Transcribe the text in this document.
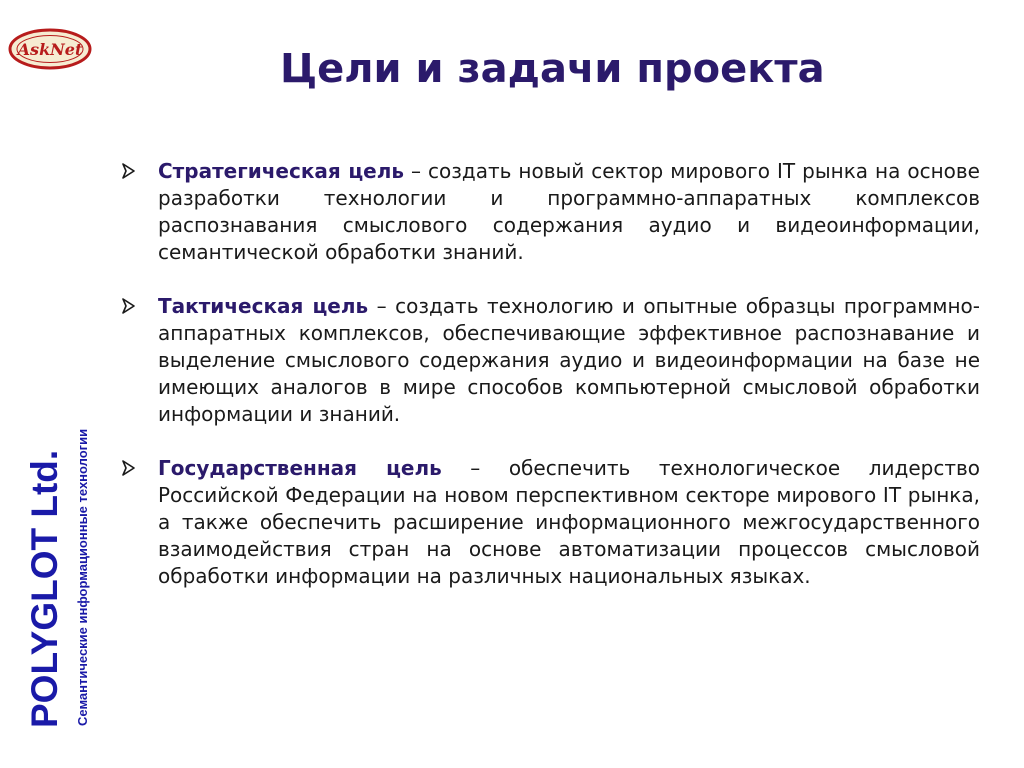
AskNet	Цели и задачи проекта
POLYGLOT Ltd. Семантические информационные технологии

Стратегическая цель – создать новый сектор мирового IT рынка на основе разработки технологии и программно-аппаратных комплексов распознавания смыслового содержания аудио и видеоинформации, семантической обработки знаний.

Тактическая цель – создать технологию и опытные образцы программно-аппаратных комплексов, обеспечивающие эффективное распознавание и выделение смыслового содержания аудио и видеоинформации на базе не имеющих аналогов в мире способов компьютерной смысловой обработки информации и знаний.

Государственная цель – обеспечить технологическое лидерство Российской Федерации на новом перспективном секторе мирового IT рынка, а также обеспечить расширение информационного межгосударственного взаимодействия стран на основе автоматизации процессов смысловой обработки информации на различных национальных языках.
